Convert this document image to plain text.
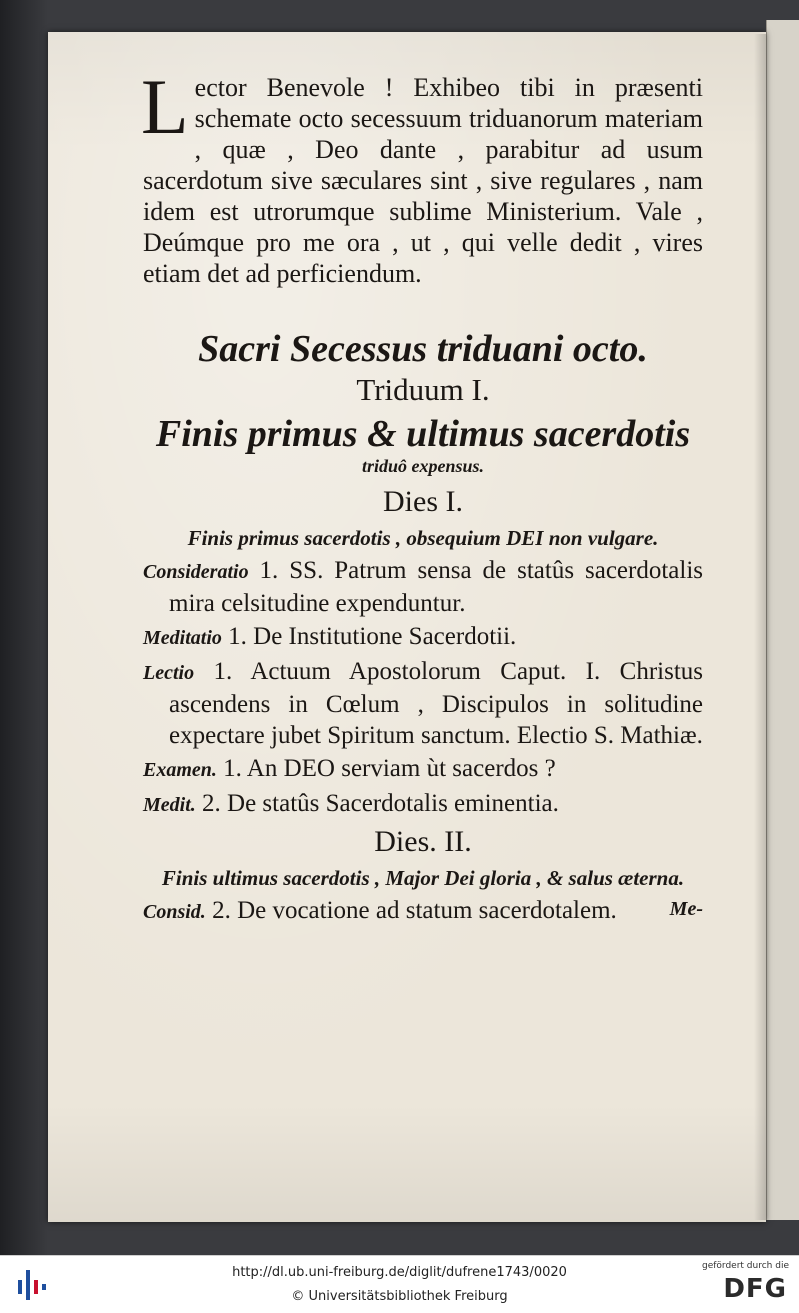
Lector Benevole ! Exhibeo tibi in præsenti schemate octo secessuum triduanorum materiam , quæ , Deo dante , parabitur ad usum sacerdotum sive sæculares sint , sive regulares , nam idem est utrorumque sublime Ministerium. Vale , Deúmque pro me ora , ut , qui velle dedit , vires etiam det ad perficiendum.

Sacri Secessus triduani octo.
Triduum I.
Finis primus & ultimus sacerdotis
triduô expensus.
Dies I.
Finis primus sacerdotis , obsequium DEI non vulgare.
Consideratio 1. SS. Patrum sensa de statûs sacerdotalis mira celsitudine expenduntur.
Meditatio 1. De Institutione Sacerdotii.
Lectio 1. Actuum Apostolorum Caput. I. Christus ascendens in Cœlum , Discipulos in solitudine expectare jubet Spiritum sanctum. Electio S. Mathiæ.
Examen. 1. An DEO serviam ùt sacerdos ?
Medit. 2. De statûs Sacerdotalis eminentia.
Dies. II.
Finis ultimus sacerdotis , Major Dei gloria , & salus æterna.
Consid. 2. De vocatione ad statum sacerdotalem.	Me-
http://dl.ub.uni-freiburg.de/diglit/dufrene1743/0020
© Universitätsbibliothek Freiburg
gefördert durch die
DFG
